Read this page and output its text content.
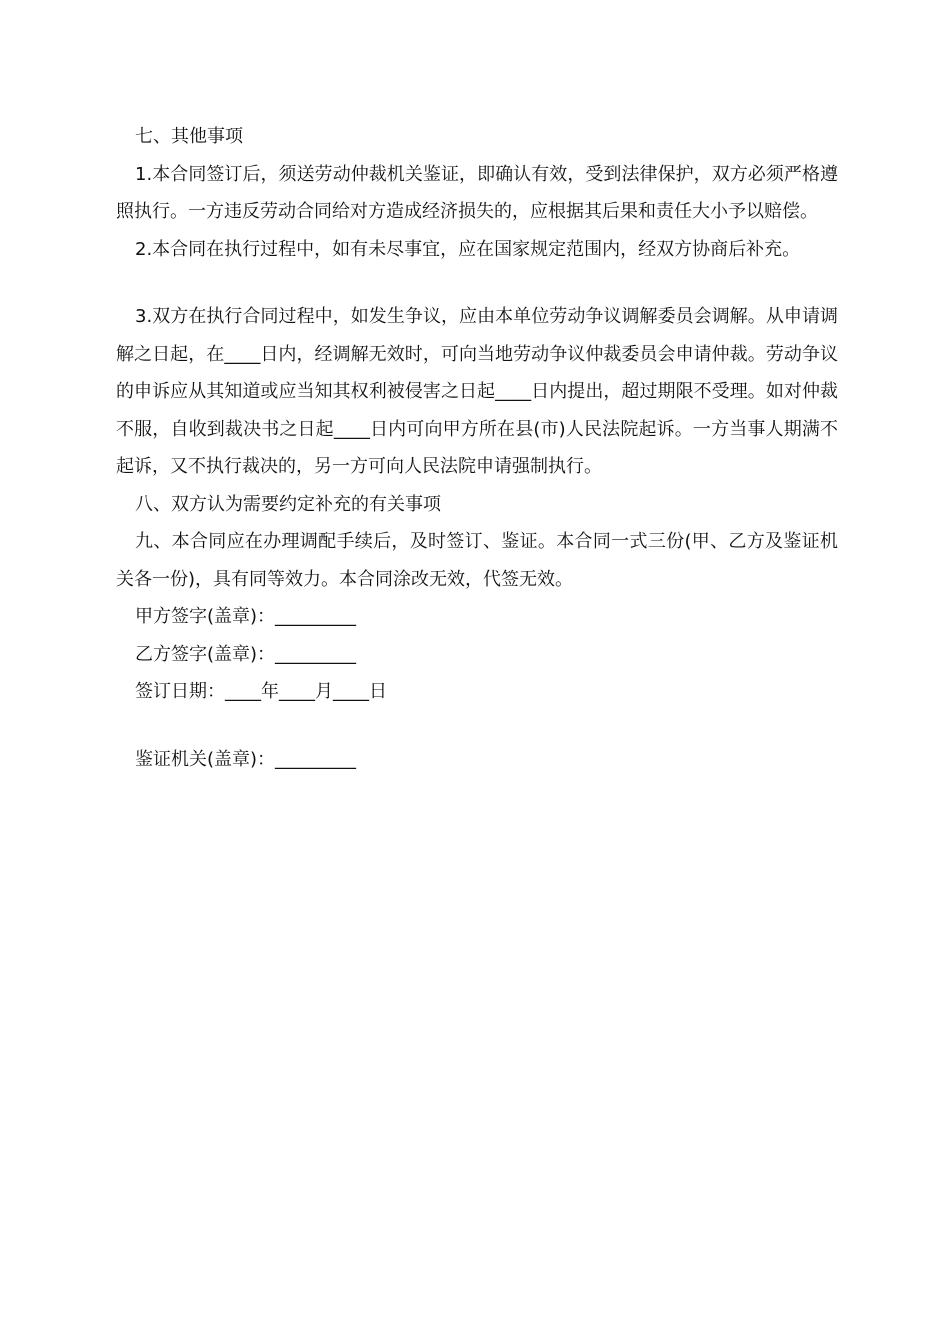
七、其他事项

1.本合同签订后，须送劳动仲裁机关鉴证，即确认有效，受到法律保护，双方必须严格遵照执行。一方违反劳动合同给对方造成经济损失的，应根据其后果和责任大小予以赔偿。

2.本合同在执行过程中，如有未尽事宜，应在国家规定范围内，经双方协商后补充。

3.双方在执行合同过程中，如发生争议，应由本单位劳动争议调解委员会调解。从申请调解之日起，在____日内，经调解无效时，可向当地劳动争议仲裁委员会申请仲裁。劳动争议的申诉应从其知道或应当知其权利被侵害之日起____日内提出，超过期限不受理。如对仲裁不服，自收到裁决书之日起____日内可向甲方所在县(市)人民法院起诉。一方当事人期满不起诉，又不执行裁决的，另一方可向人民法院申请强制执行。

八、双方认为需要约定补充的有关事项

九、本合同应在办理调配手续后，及时签订、鉴证。本合同一式三份(甲、乙方及鉴证机关各一份)，具有同等效力。本合同涂改无效，代签无效。

甲方签字(盖章)：_________

乙方签字(盖章)：_________

签订日期：____年____月____日

鉴证机关(盖章)：_________
